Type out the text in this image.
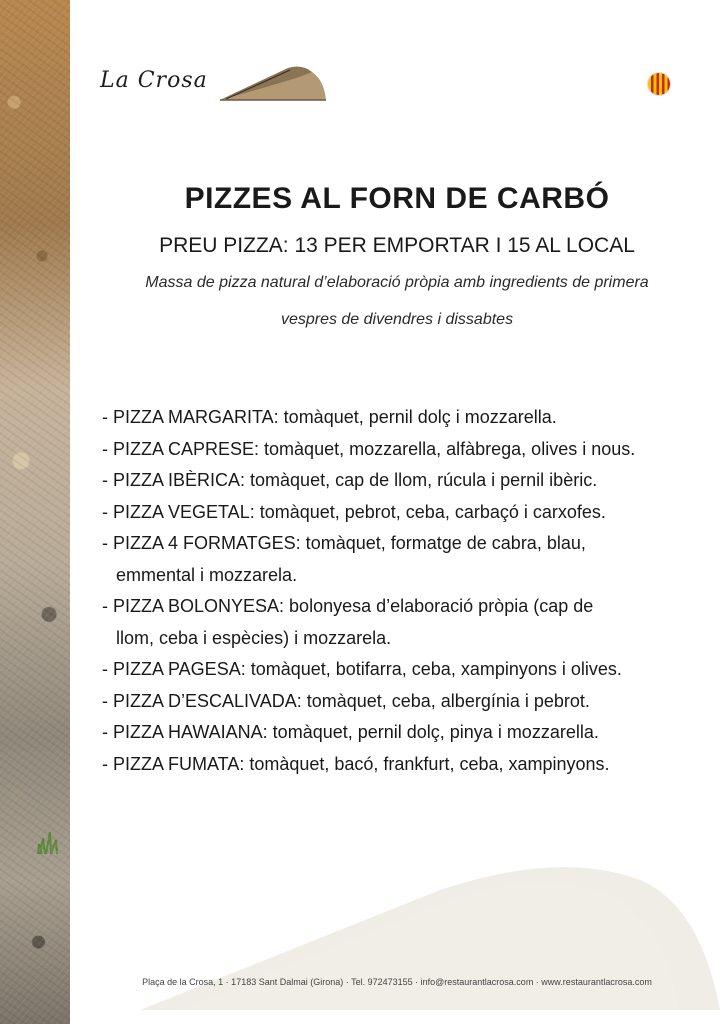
La Crosa
PIZZES AL FORN DE CARBÓ
PREU PIZZA: 13 PER EMPORTAR I 15 AL LOCAL
Massa de pizza natural d’elaboració pròpia amb ingredients de primera
vespres de divendres i dissabtes
- PIZZA MARGARITA: tomàquet, pernil dolç i mozzarella.
- PIZZA CAPRESE: tomàquet, mozzarella, alfàbrega, olives i nous.
- PIZZA IBÈRICA: tomàquet, cap de llom, rúcula i pernil ibèric.
- PIZZA VEGETAL: tomàquet, pebrot, ceba, carbaçó i carxofes.
- PIZZA 4 FORMATGES: tomàquet, formatge de cabra, blau,
emmental i mozzarela.
- PIZZA BOLONYESA: bolonyesa d’elaboració pròpia (cap de
llom, ceba i espècies) i mozzarela.
- PIZZA PAGESA: tomàquet, botifarra, ceba, xampinyons i olives.
- PIZZA D’ESCALIVADA: tomàquet, ceba, albergínia i pebrot.
- PIZZA HAWAIANA: tomàquet, pernil dolç, pinya i mozzarella.
- PIZZA FUMATA: tomàquet, bacó, frankfurt, ceba, xampinyons.
Plaça de la Crosa, 1 · 17183 Sant Dalmai (Girona) · Tel. 972473155 · info@restaurantlacrosa.com · www.restaurantlacrosa.com
